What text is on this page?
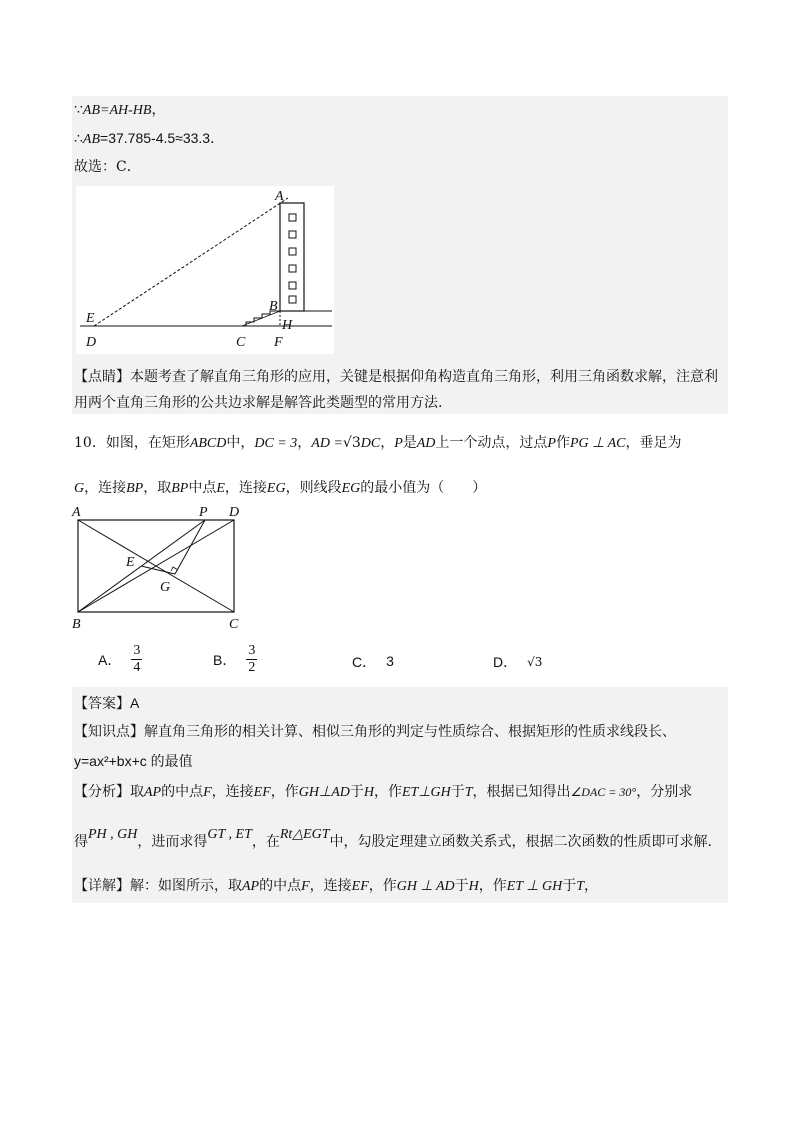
∵AB=AH-HB，
∴AB=37.785-4.5≈33.3．
故选：C．
A
B
H
E
D	C F
【点睛】本题考查了解直角三角形的应用，关键是根据仰角构造直角三角形，利用三角函数求解，注意利
用两个直角三角形的公共边求解是解答此类题型的常用方法.
10．如图，在矩形ABCD中，DC = 3，AD =√3DC，P是AD上一个动点，过点P作PG ⊥ AC，垂足为
G，连接BP，取BP中点E，连接EG，则线段EG的最小值为（　　）
A	P D
E
G
B	C
A． $\frac{3}{4}$	B． $\frac{3}{2}$	C． 3	D． √3
【答案】A
【知识点】解直角三角形的相关计算、相似三角形的判定与性质综合、根据矩形的性质求线段长、
y=ax²+bx+c 的最值
【分析】取AP的中点F，连接EF，作GH⊥AD于H，作ET⊥GH于T，根据已知得出∠DAC = 30°，分别求
得PH , GH，进而求得GT , ET，在Rt△EGT中，勾股定理建立函数关系式，根据二次函数的性质即可求解.
【详解】解：如图所示，取AP的中点F，连接EF，作GH ⊥ AD于H，作ET ⊥ GH于T，
